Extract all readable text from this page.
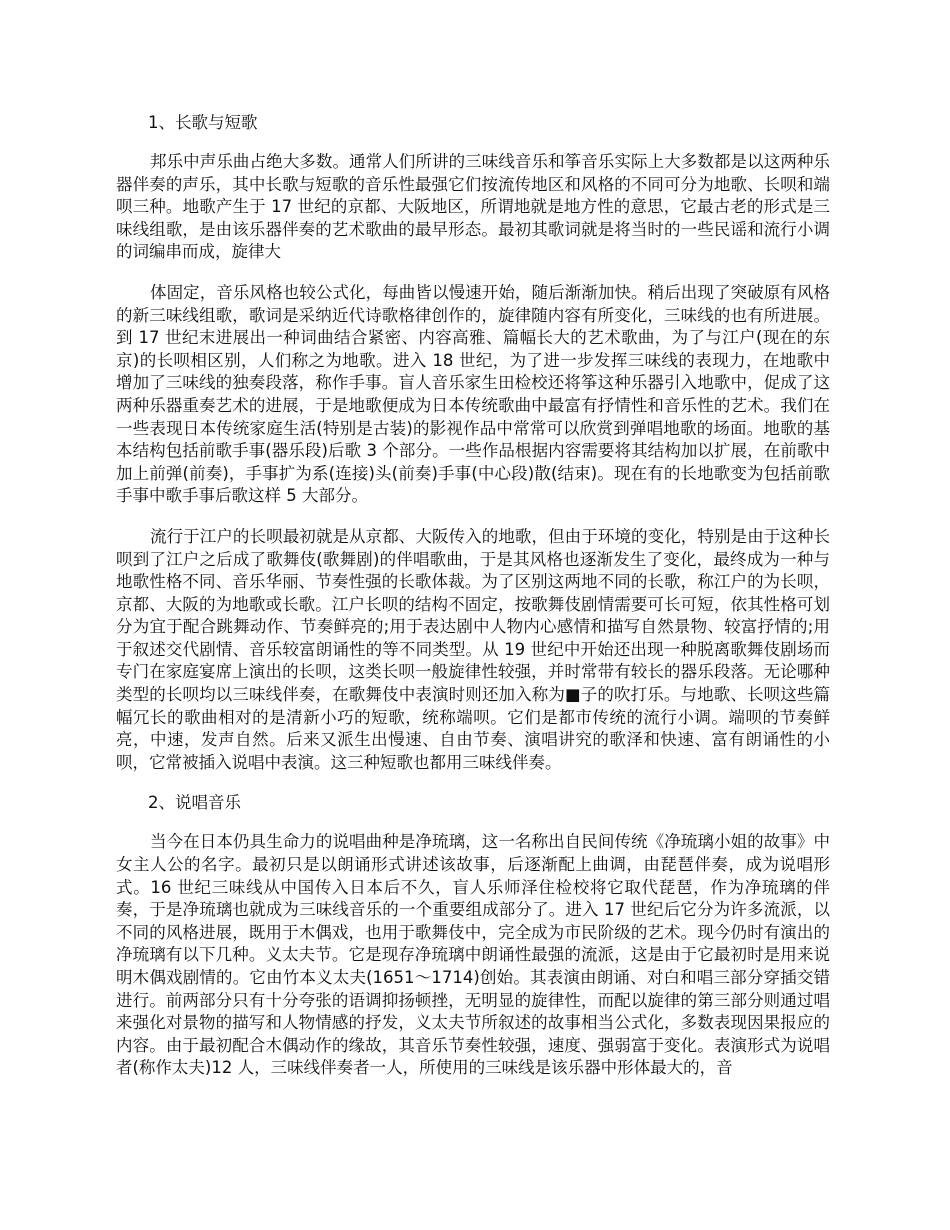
1、长歌与短歌

邦乐中声乐曲占绝大多数。通常人们所讲的三味线音乐和筝音乐实际上大多数都是以这两种乐器伴奏的声乐，其中长歌与短歌的音乐性最强它们按流传地区和风格的不同可分为地歌、长呗和端呗三种。地歌产生于 17 世纪的京都、大阪地区，所谓地就是地方性的意思，它最古老的形式是三味线组歌，是由该乐器伴奏的艺术歌曲的最早形态。最初其歌词就是将当时的一些民谣和流行小调的词编串而成，旋律大

体固定，音乐风格也较公式化，每曲皆以慢速开始，随后渐渐加快。稍后出现了突破原有风格的新三味线组歌，歌词是采纳近代诗歌格律创作的，旋律随内容有所变化，三味线的也有所进展。到 17 世纪末进展出一种词曲结合紧密、内容高雅、篇幅长大的艺术歌曲，为了与江户(现在的东京)的长呗相区别，人们称之为地歌。进入 18 世纪，为了进一步发挥三味线的表现力，在地歌中增加了三味线的独奏段落，称作手事。盲人音乐家生田检校还将筝这种乐器引入地歌中，促成了这两种乐器重奏艺术的进展，于是地歌便成为日本传统歌曲中最富有抒情性和音乐性的艺术。我们在一些表现日本传统家庭生活(特别是古装)的影视作品中常常可以欣赏到弹唱地歌的场面。地歌的基本结构包括前歌手事(器乐段)后歌 3 个部分。一些作品根据内容需要将其结构加以扩展，在前歌中加上前弹(前奏)，手事扩为系(连接)头(前奏)手事(中心段)散(结束)。现在有的长地歌变为包括前歌手事中歌手事后歌这样 5 大部分。

流行于江户的长呗最初就是从京都、大阪传入的地歌，但由于环境的变化，特别是由于这种长呗到了江户之后成了歌舞伎(歌舞剧)的伴唱歌曲，于是其风格也逐渐发生了变化，最终成为一种与地歌性格不同、音乐华丽、节奏性强的长歌体裁。为了区别这两地不同的长歌，称江户的为长呗，京都、大阪的为地歌或长歌。江户长呗的结构不固定，按歌舞伎剧情需要可长可短，依其性格可划分为宜于配合跳舞动作、节奏鲜亮的;用于表达剧中人物内心感情和描写自然景物、较富抒情的;用于叙述交代剧情、音乐较富朗诵性的等不同类型。从 19 世纪中开始还出现一种脱离歌舞伎剧场而专门在家庭宴席上演出的长呗，这类长呗一般旋律性较强，并时常带有较长的器乐段落。无论哪种类型的长呗均以三味线伴奏，在歌舞伎中表演时则还加入称为■子的吹打乐。与地歌、长呗这些篇幅冗长的歌曲相对的是清新小巧的短歌，统称端呗。它们是都市传统的流行小调。端呗的节奏鲜亮，中速，发声自然。后来又派生出慢速、自由节奏、演唱讲究的歌泽和快速、富有朗诵性的小呗，它常被插入说唱中表演。这三种短歌也都用三味线伴奏。

2、说唱音乐

当今在日本仍具生命力的说唱曲种是净琉璃，这一名称出自民间传统《净琉璃小姐的故事》中女主人公的名字。最初只是以朗诵形式讲述该故事，后逐渐配上曲调，由琵琶伴奏，成为说唱形式。16 世纪三味线从中国传入日本后不久，盲人乐师泽住检校将它取代琵琶，作为净琉璃的伴奏，于是净琉璃也就成为三味线音乐的一个重要组成部分了。进入 17 世纪后它分为许多流派，以不同的风格进展，既用于木偶戏，也用于歌舞伎中，完全成为市民阶级的艺术。现今仍时有演出的净琉璃有以下几种。义太夫节。它是现存净琉璃中朗诵性最强的流派，这是由于它最初时是用来说明木偶戏剧情的。它由竹本义太夫(1651～1714)创始。其表演由朗诵、对白和唱三部分穿插交错进行。前两部分只有十分夸张的语调抑扬顿挫，无明显的旋律性，而配以旋律的第三部分则通过唱来强化对景物的描写和人物情感的抒发，义太夫节所叙述的故事相当公式化，多数表现因果报应的内容。由于最初配合木偶动作的缘故，其音乐节奏性较强，速度、强弱富于变化。表演形式为说唱者(称作太夫)12 人，三味线伴奏者一人，所使用的三味线是该乐器中形体最大的，音
